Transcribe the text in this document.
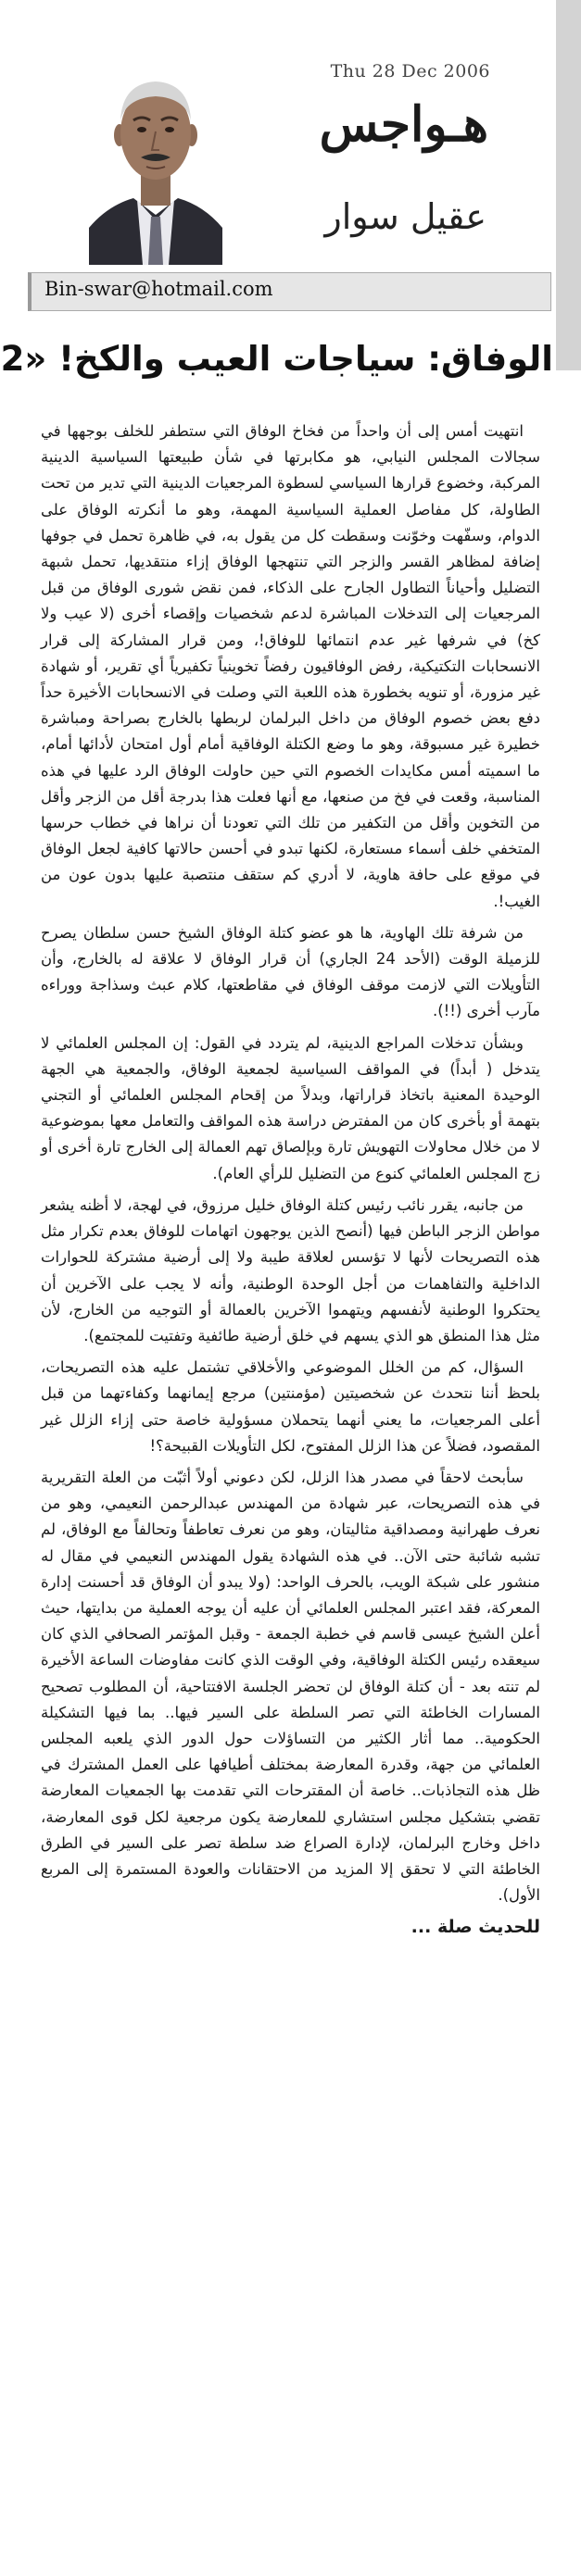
Thu 28 Dec 2006
هـواجس
عقيل سوار
Bin-swar@hotmail.com
الوفاق: سياجات العيب والكخ! «2

انتهيت أمس إلى أن واحداً من فخاخ الوفاق التي ستطفر للخلف بوجهها في سجالات المجلس النيابي، هو مكابرتها في شأن طبيعتها السياسية الدينية المركبة، وخضوع قرارها السياسي لسطوة المرجعيات الدينية التي تدير من تحت الطاولة، كل مفاصل العملية السياسية المهمة، وهو ما أنكرته الوفاق على الدوام، وسفّهت وخوّنت وسقطت كل من يقول به، في ظاهرة تحمل في جوفها إضافة لمظاهر القسر والزجر التي تنتهجها الوفاق إزاء منتقديها، تحمل شبهة التضليل وأحياناً التطاول الجارح على الذكاء، فمن نقض شورى الوفاق من قبل المرجعيات إلى التدخلات المباشرة لدعم شخصيات وإقصاء أخرى (لا عيب ولا كخ) في شرفها غير عدم انتمائها للوفاق!، ومن قرار المشاركة إلى قرار الانسحابات التكتيكية، رفض الوفاقيون رفضاً تخوينياً تكفيرياً أي تقرير، أو شهادة غير مزورة، أو تنويه بخطورة هذه اللعبة التي وصلت في الانسحابات الأخيرة حداً دفع بعض خصوم الوفاق من داخل البرلمان لربطها بالخارج بصراحة ومباشرة خطيرة غير مسبوقة، وهو ما وضع الكتلة الوفاقية أمام أول امتحان لأدائها أمام، ما اسميته أمس مكايدات الخصوم التي حين حاولت الوفاق الرد عليها في هذه المناسبة، وقعت في فخ من صنعها، مع أنها فعلت هذا بدرجة أقل من الزجر وأقل من التخوين وأقل من التكفير من تلك التي تعودنا أن نراها في خطاب حرسها المتخفي خلف أسماء مستعارة، لكنها تبدو في أحسن حالاتها كافية لجعل الوفاق في موقع على حافة هاوية، لا أدري كم ستقف منتصبة عليها بدون عون من الغيب!.

من شرفة تلك الهاوية، ها هو عضو كتلة الوفاق الشيخ حسن سلطان يصرح للزميلة الوقت (الأحد 24 الجاري) أن قرار الوفاق لا علاقة له بالخارج، وأن التأويلات التي لازمت موقف الوفاق في مقاطعتها، كلام عبث وسذاجة ووراءه مآرب أخرى (!!).

وبشأن تدخلات المراجع الدينية، لم يتردد في القول: إن المجلس العلمائي لا يتدخل ( أبداً) في المواقف السياسية لجمعية الوفاق، والجمعية هي الجهة الوحيدة المعنية باتخاذ قراراتها، وبدلاً من إقحام المجلس العلمائي أو التجني بتهمة أو بأخرى كان من المفترض دراسة هذه المواقف والتعامل معها بموضوعية لا من خلال محاولات التهويش تارة وبإلصاق تهم العمالة إلى الخارج تارة أخرى أو زج المجلس العلمائي كنوع من التضليل للرأي العام).

من جانبه، يقرر نائب رئيس كتلة الوفاق خليل مرزوق، في لهجة، لا أظنه يشعر مواطن الزجر الباطن فيها (أنصح الذين يوجهون اتهامات للوفاق بعدم تكرار مثل هذه التصريحات لأنها لا تؤسس لعلاقة طيبة ولا إلى أرضية مشتركة للحوارات الداخلية والتفاهمات من أجل الوحدة الوطنية، وأنه لا يجب على الآخرين أن يحتكروا الوطنية لأنفسهم ويتهموا الآخرين بالعمالة أو التوجيه من الخارج، لأن مثل هذا المنطق هو الذي يسهم في خلق أرضية طائفية وتفتيت للمجتمع).

السؤال، كم من الخلل الموضوعي والأخلاقي تشتمل عليه هذه التصريحات، بلحظ أننا نتحدث عن شخصيتين (مؤمنتين) مرجع إيمانهما وكفاءتهما من قبل أعلى المرجعيات، ما يعني أنهما يتحملان مسؤولية خاصة حتى إزاء الزلل غير المقصود، فضلاً عن هذا الزلل المفتوح، لكل التأويلات القبيحة؟!

سأبحث لاحقاً في مصدر هذا الزلل، لكن دعوني أولاً أثبّت من العلة التقريرية في هذه التصريحات، عبر شهادة من المهندس عبدالرحمن النعيمي، وهو من نعرف طهرانية ومصداقية مثاليتان، وهو من نعرف تعاطفاً وتحالفاً مع الوفاق، لم تشبه شائبة حتى الآن.. في هذه الشهادة يقول المهندس النعيمي في مقال له منشور على شبكة الويب، بالحرف الواحد: (ولا يبدو أن الوفاق قد أحسنت إدارة المعركة، فقد اعتبر المجلس العلمائي أن عليه أن يوجه العملية من بدايتها، حيث أعلن الشيخ عيسى قاسم في خطبة الجمعة - وقبل المؤتمر الصحافي الذي كان سيعقده رئيس الكتلة الوفاقية، وفي الوقت الذي كانت مفاوضات الساعة الأخيرة لم تنته بعد - أن كتلة الوفاق لن تحضر الجلسة الافتتاحية، أن المطلوب تصحيح المسارات الخاطئة التي تصر السلطة على السير فيها.. بما فيها التشكيلة الحكومية.. مما أثار الكثير من التساؤلات حول الدور الذي يلعبه المجلس العلمائي من جهة، وقدرة المعارضة بمختلف أطيافها على العمل المشترك في ظل هذه التجاذبات.. خاصة أن المقترحات التي تقدمت بها الجمعيات المعارضة تقضي بتشكيل مجلس استشاري للمعارضة يكون مرجعية لكل قوى المعارضة، داخل وخارج البرلمان، لإدارة الصراع ضد سلطة تصر على السير في الطرق الخاطئة التي لا تحقق إلا المزيد من الاحتقانات والعودة المستمرة إلى المربع الأول).

للحديث صلة ...
